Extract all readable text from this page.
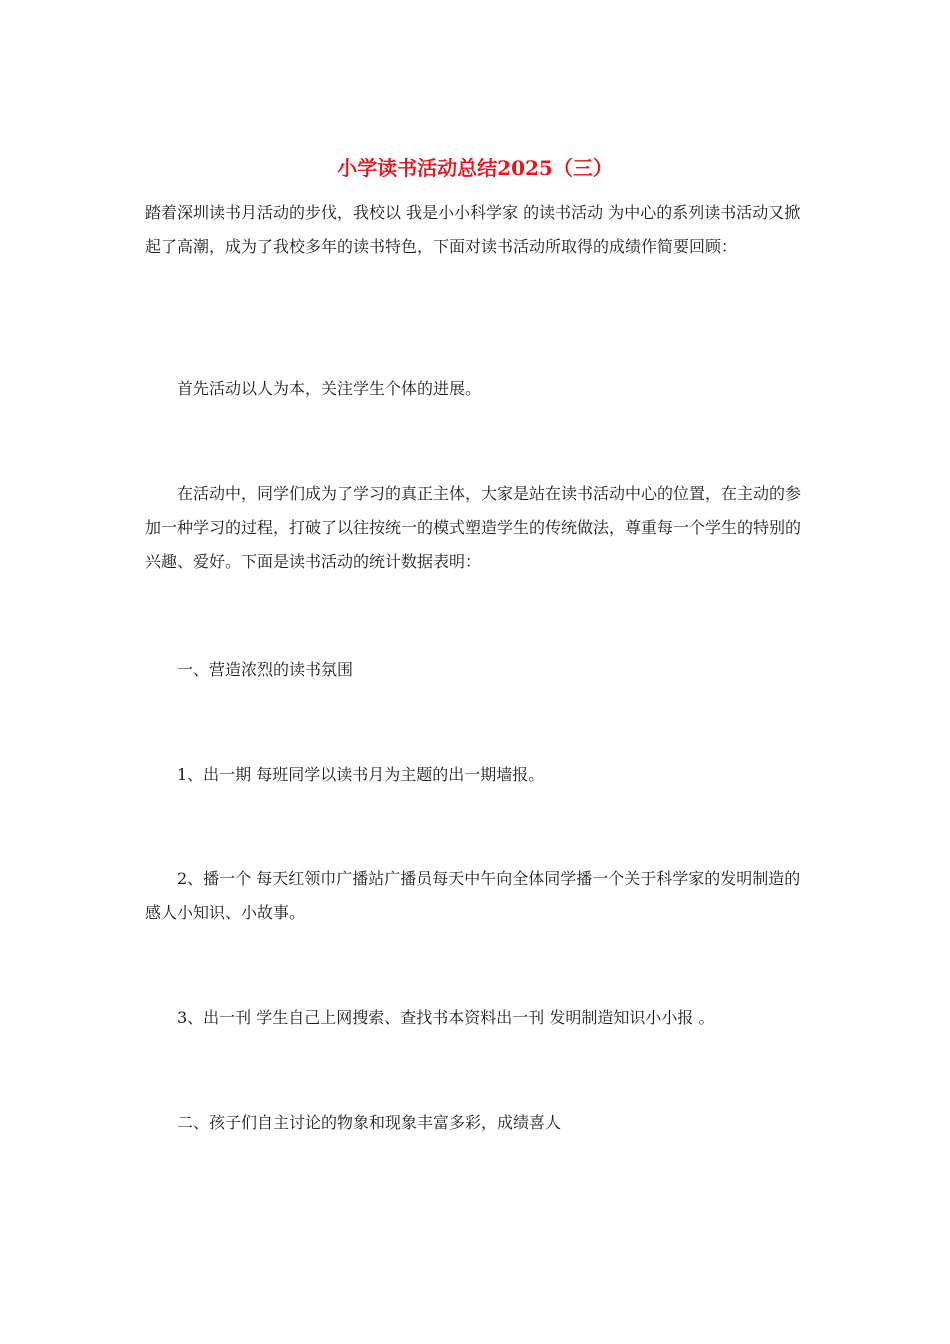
小学读书活动总结2025（三）

踏着深圳读书月活动的步伐，我校以 我是小小科学家 的读书活动 为中心的系列读书活动又掀起了高潮，成为了我校多年的读书特色，下面对读书活动所取得的成绩作简要回顾：

首先活动以人为本，关注学生个体的进展。

在活动中，同学们成为了学习的真正主体，大家是站在读书活动中心的位置，在主动的参加一种学习的过程，打破了以往按统一的模式塑造学生的传统做法，尊重每一个学生的特别的兴趣、爱好。下面是读书活动的统计数据表明：

一、营造浓烈的读书氛围

1、出一期 每班同学以读书月为主题的出一期墙报。

2、播一个 每天红领巾广播站广播员每天中午向全体同学播一个关于科学家的发明制造的感人小知识、小故事。

3、出一刊 学生自己上网搜索、查找书本资料出一刊 发明制造知识小小报 。

二、孩子们自主讨论的物象和现象丰富多彩，成绩喜人
